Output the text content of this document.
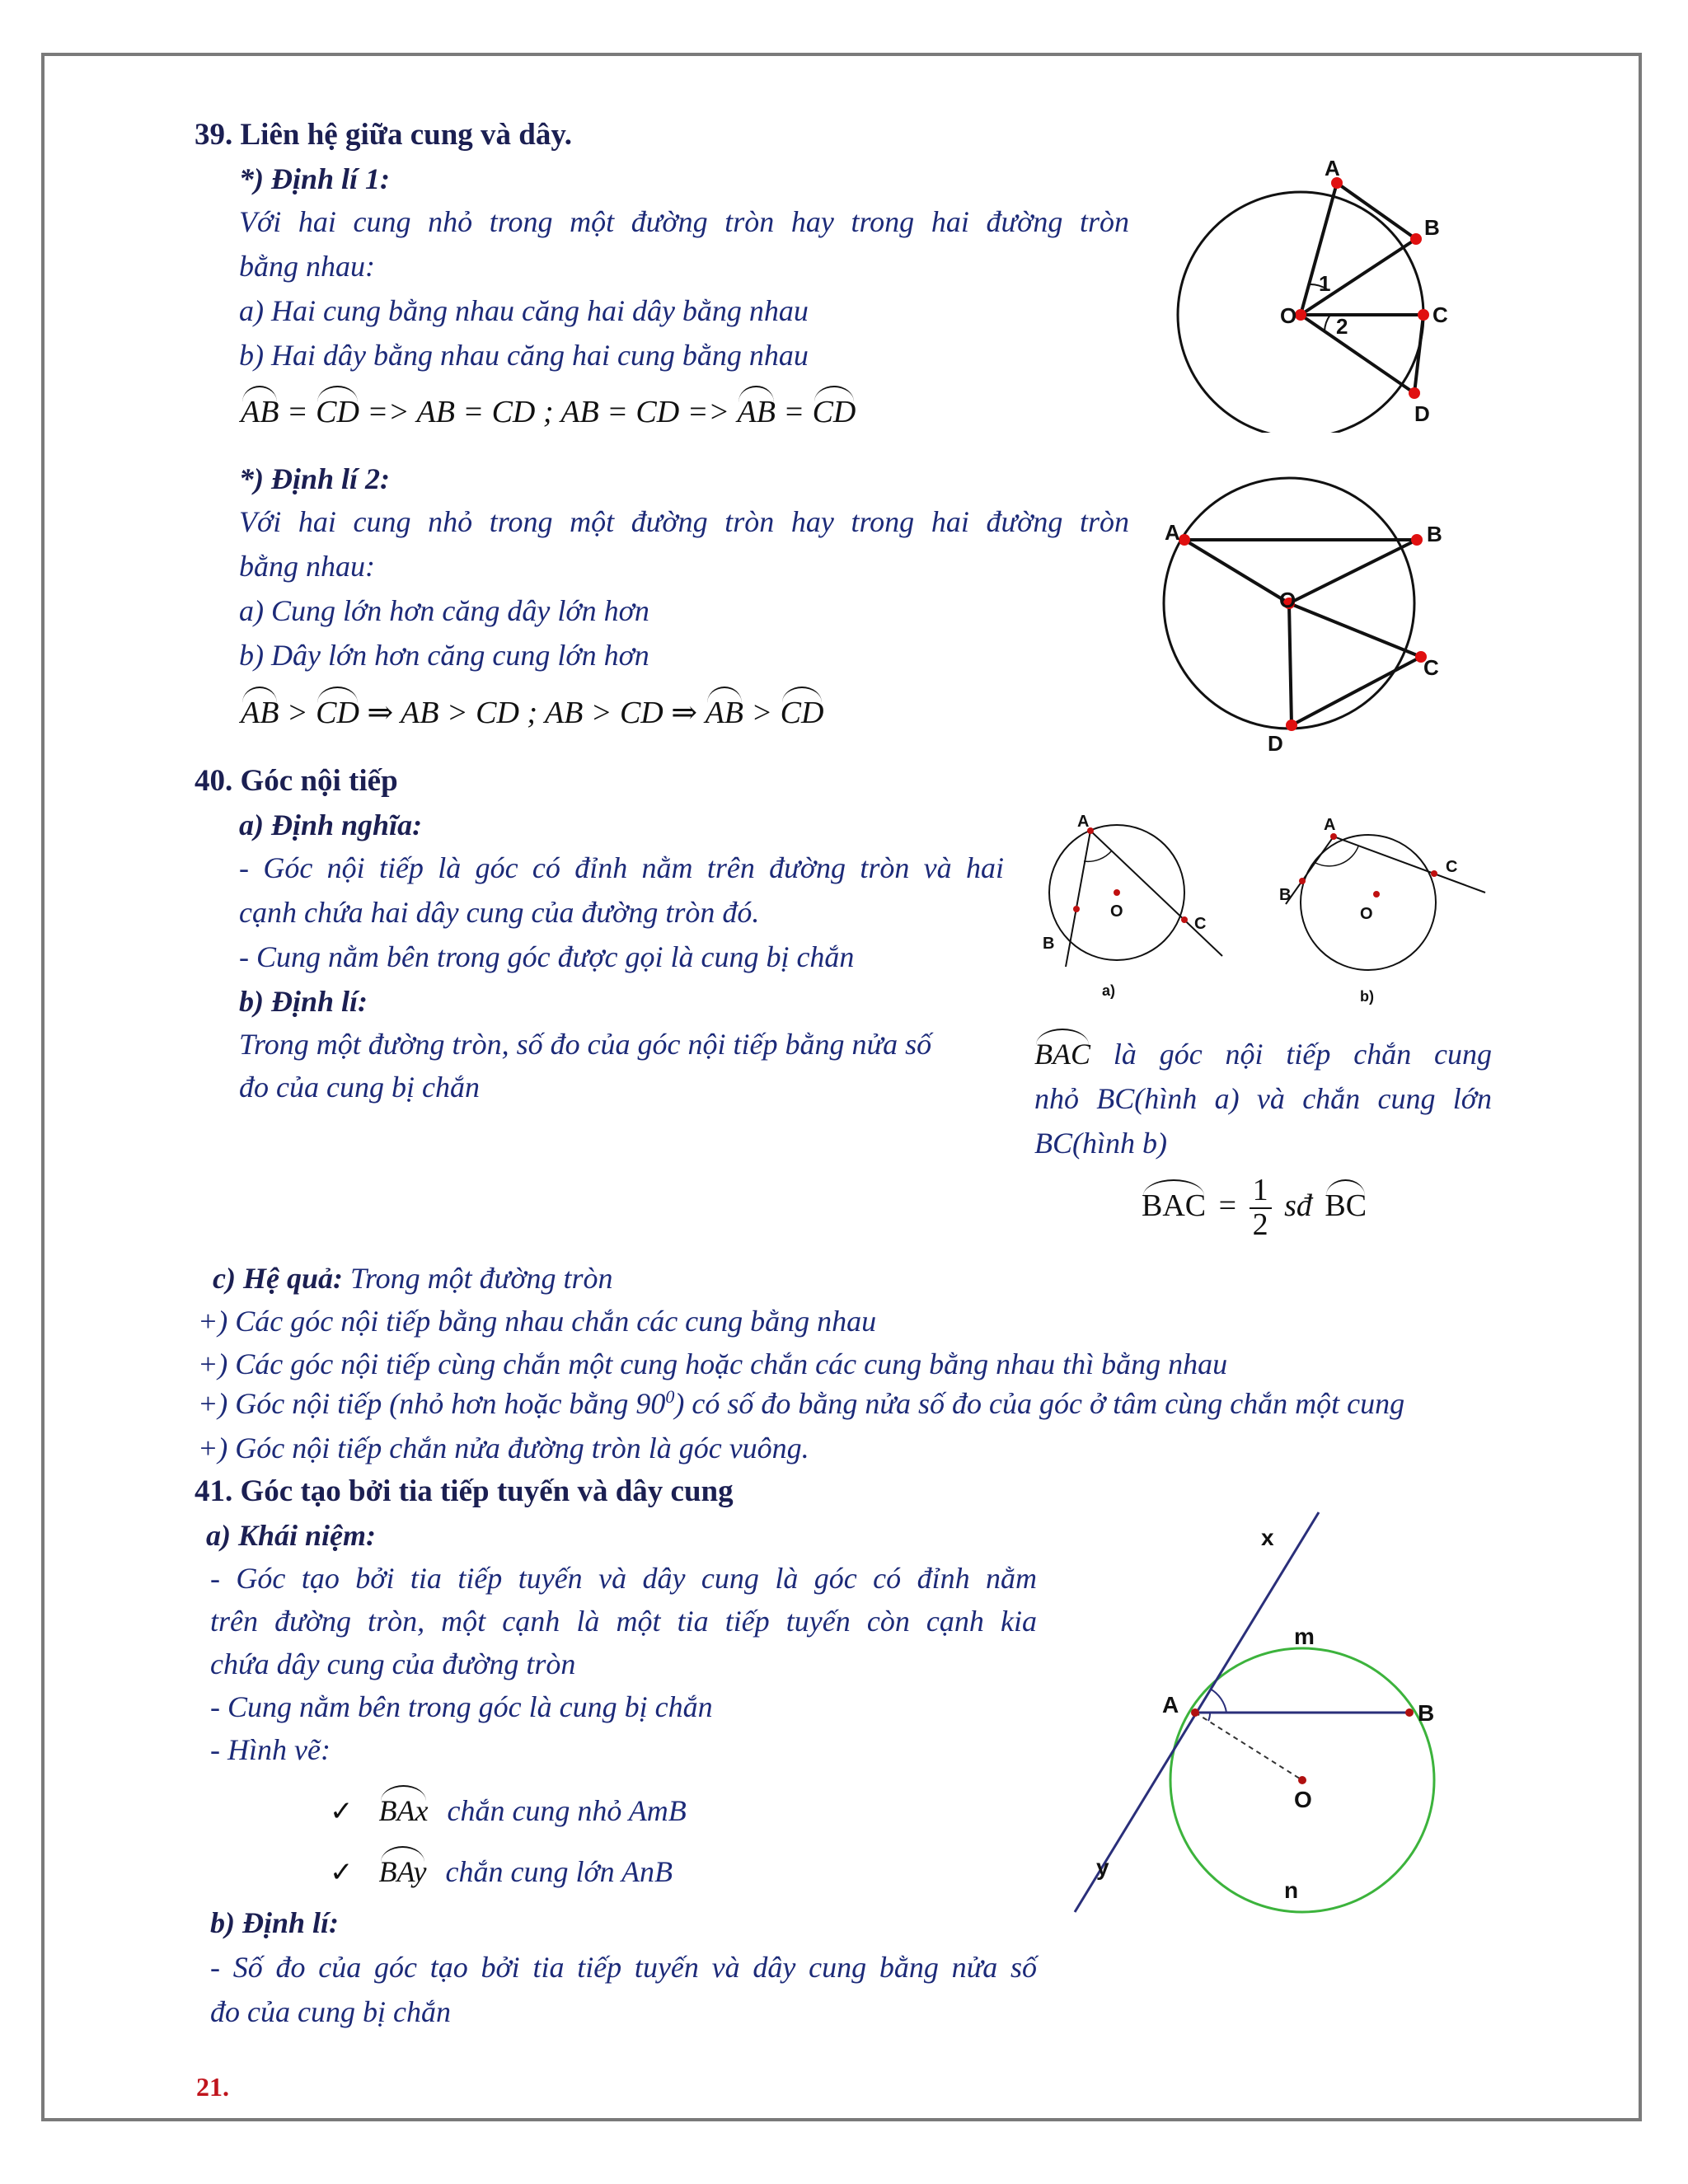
39. Liên hệ giữa cung và dây.
*) Định lí 1:
Với hai cung nhỏ trong một đường tròn hay trong hai đường tròn
bằng nhau:
a) Hai cung bằng nhau căng hai dây bằng nhau
b) Hai dây bằng nhau căng hai cung bằng nhau
AB = CD => AB = CD ; AB = CD => AB = CD
*) Định lí 2:
Với hai cung nhỏ trong một đường tròn hay trong hai đường tròn
bằng nhau:
a) Cung lớn hơn căng dây lớn hơn
b) Dây lớn hơn căng cung lớn hơn
AB > CD ⇒ AB > CD ; AB > CD ⇒ AB > CD
A
B
C
D
O
1
2
A	B
C
D
O
40. Góc nội tiếp
a) Định nghĩa:
- Góc nội tiếp là góc có đỉnh nằm trên đường tròn và hai
cạnh chứa hai dây cung của đường tròn đó.
- Cung nằm bên trong góc được gọi là cung bị chắn
b) Định lí:
Trong một đường tròn, số đo của góc nội tiếp bằng nửa số
đo của cung bị chắn
BAC là góc nội tiếp chắn cung
nhỏ BC(hình a) và chắn cung lớn
BC(hình b)
BAC = $\frac{1}{2}$ sđ BC
A
B
C
O
a)
A
B
C
O
b)
c) Hệ quả: Trong một đường tròn
+) Các góc nội tiếp bằng nhau chắn các cung bằng nhau
+) Các góc nội tiếp cùng chắn một cung hoặc chắn các cung bằng nhau thì bằng nhau
+) Góc nội tiếp (nhỏ hơn hoặc bằng $90^0$) có số đo bằng nửa số đo của góc ở tâm cùng chắn một cung
+) Góc nội tiếp chắn nửa đường tròn là góc vuông.
41. Góc tạo bởi tia tiếp tuyến và dây cung
a) Khái niệm:
- Góc tạo bởi tia tiếp tuyến và dây cung là góc có đỉnh nằm
trên đường tròn, một cạnh là một tia tiếp tuyến còn cạnh kia
chứa dây cung của đường tròn
- Cung nằm bên trong góc là cung bị chắn
- Hình vẽ:
✓ BAx chắn cung nhỏ AmB
✓ BAy chắn cung lớn AnB
b) Định lí:
- Số đo của góc tạo bởi tia tiếp tuyến và dây cung bằng nửa số
đo của cung bị chắn
x
y
m
n
A	B
O
21.
